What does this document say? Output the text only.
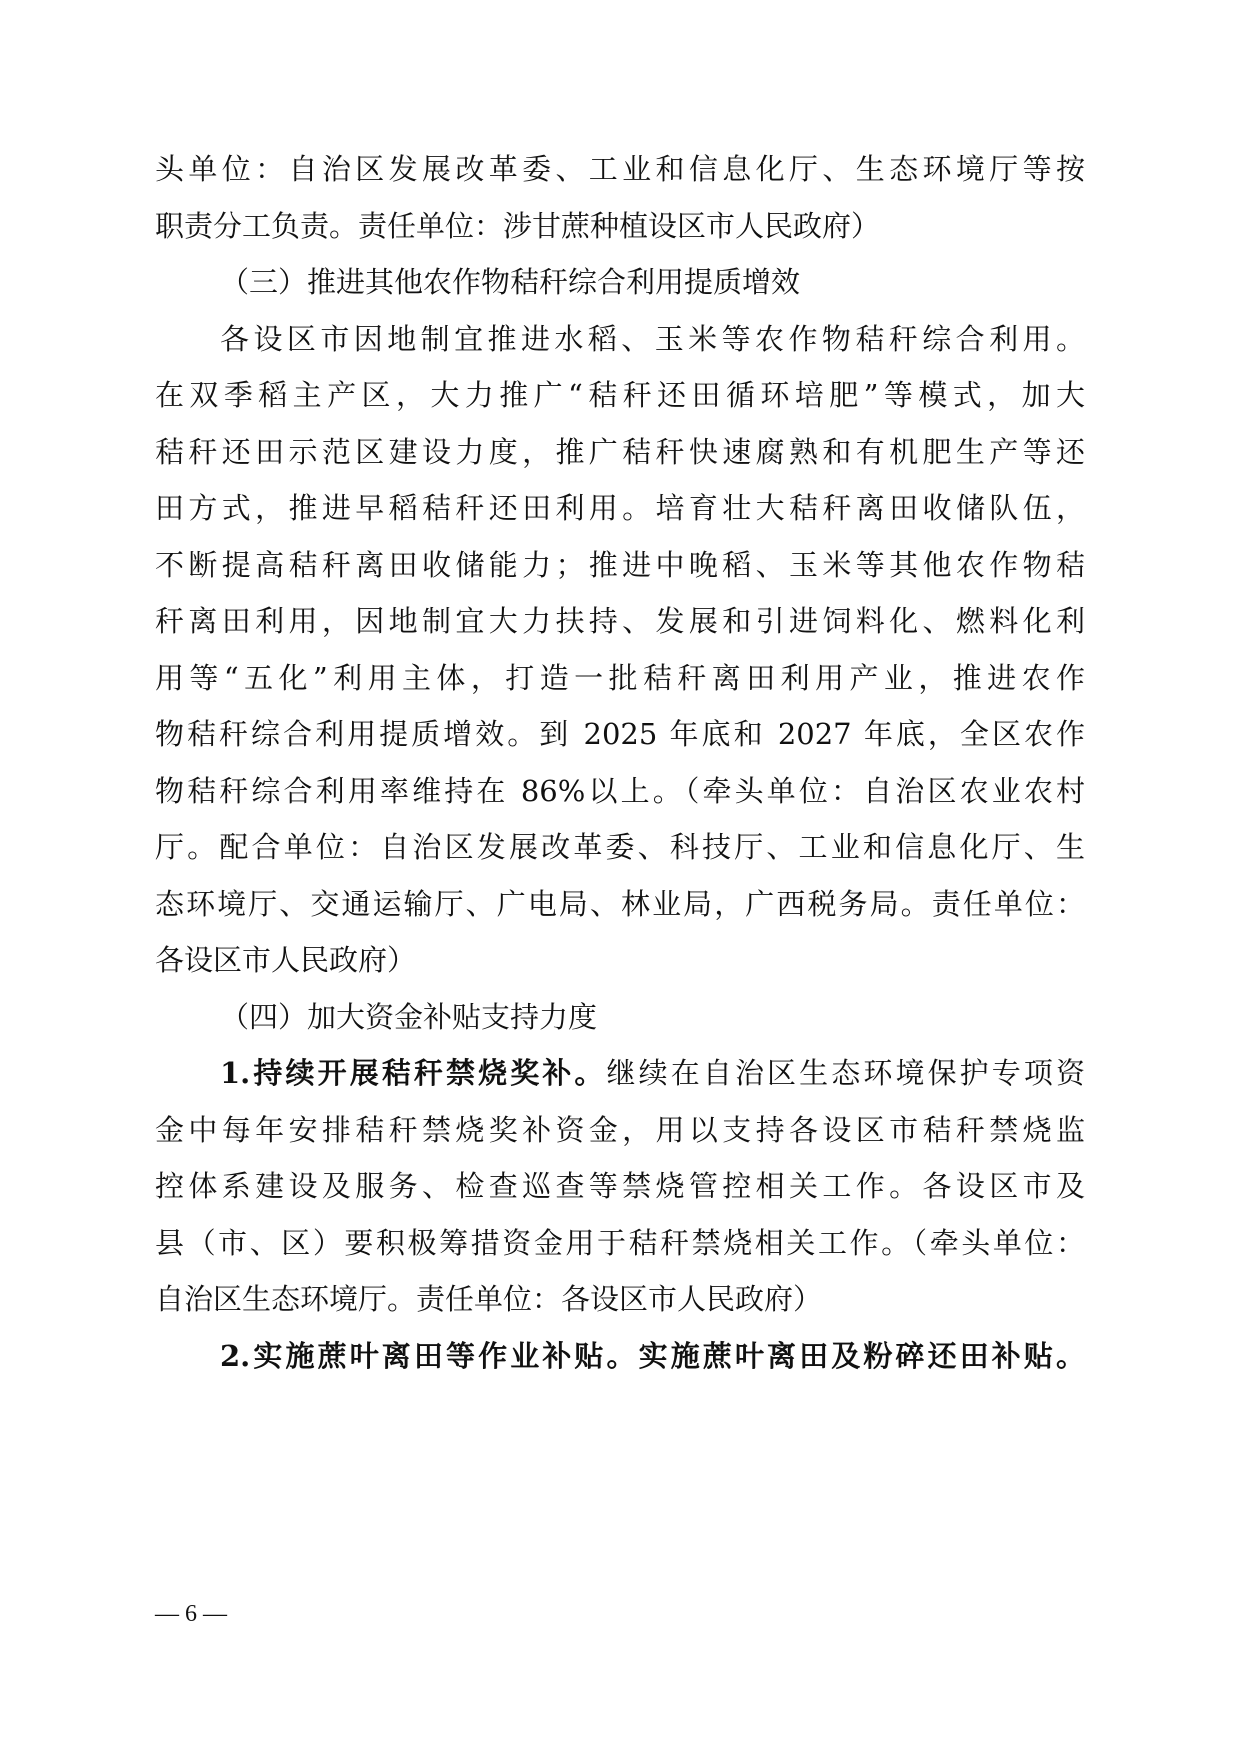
头单位：自治区发展改革委、工业和信息化厅、生态环境厅等按
职责分工负责。责任单位：涉甘蔗种植设区市人民政府）
（三）推进其他农作物秸秆综合利用提质增效
各设区市因地制宜推进水稻、玉米等农作物秸秆综合利用。
在双季稻主产区，大力推广“秸秆还田循环培肥”等模式，加大
秸秆还田示范区建设力度，推广秸秆快速腐熟和有机肥生产等还
田方式，推进早稻秸秆还田利用。培育壮大秸秆离田收储队伍，
不断提高秸秆离田收储能力；推进中晚稻、玉米等其他农作物秸
秆离田利用，因地制宜大力扶持、发展和引进饲料化、燃料化利
用等“五化”利用主体，打造一批秸秆离田利用产业，推进农作
物秸秆综合利用提质增效。到 2025 年底和 2027 年底，全区农作
物秸秆综合利用率维持在 86%以上。（牵头单位：自治区农业农村
厅。配合单位：自治区发展改革委、科技厅、工业和信息化厅、生
态环境厅、交通运输厅、广电局、林业局，广西税务局。责任单位：
各设区市人民政府）
（四）加大资金补贴支持力度
1.持续开展秸秆禁烧奖补。继续在自治区生态环境保护专项资
金中每年安排秸秆禁烧奖补资金，用以支持各设区市秸秆禁烧监
控体系建设及服务、检查巡查等禁烧管控相关工作。各设区市及
县（市、区）要积极筹措资金用于秸秆禁烧相关工作。（牵头单位：
自治区生态环境厅。责任单位：各设区市人民政府）
2.实施蔗叶离田等作业补贴。实施蔗叶离田及粉碎还田补贴。
— 6 —
